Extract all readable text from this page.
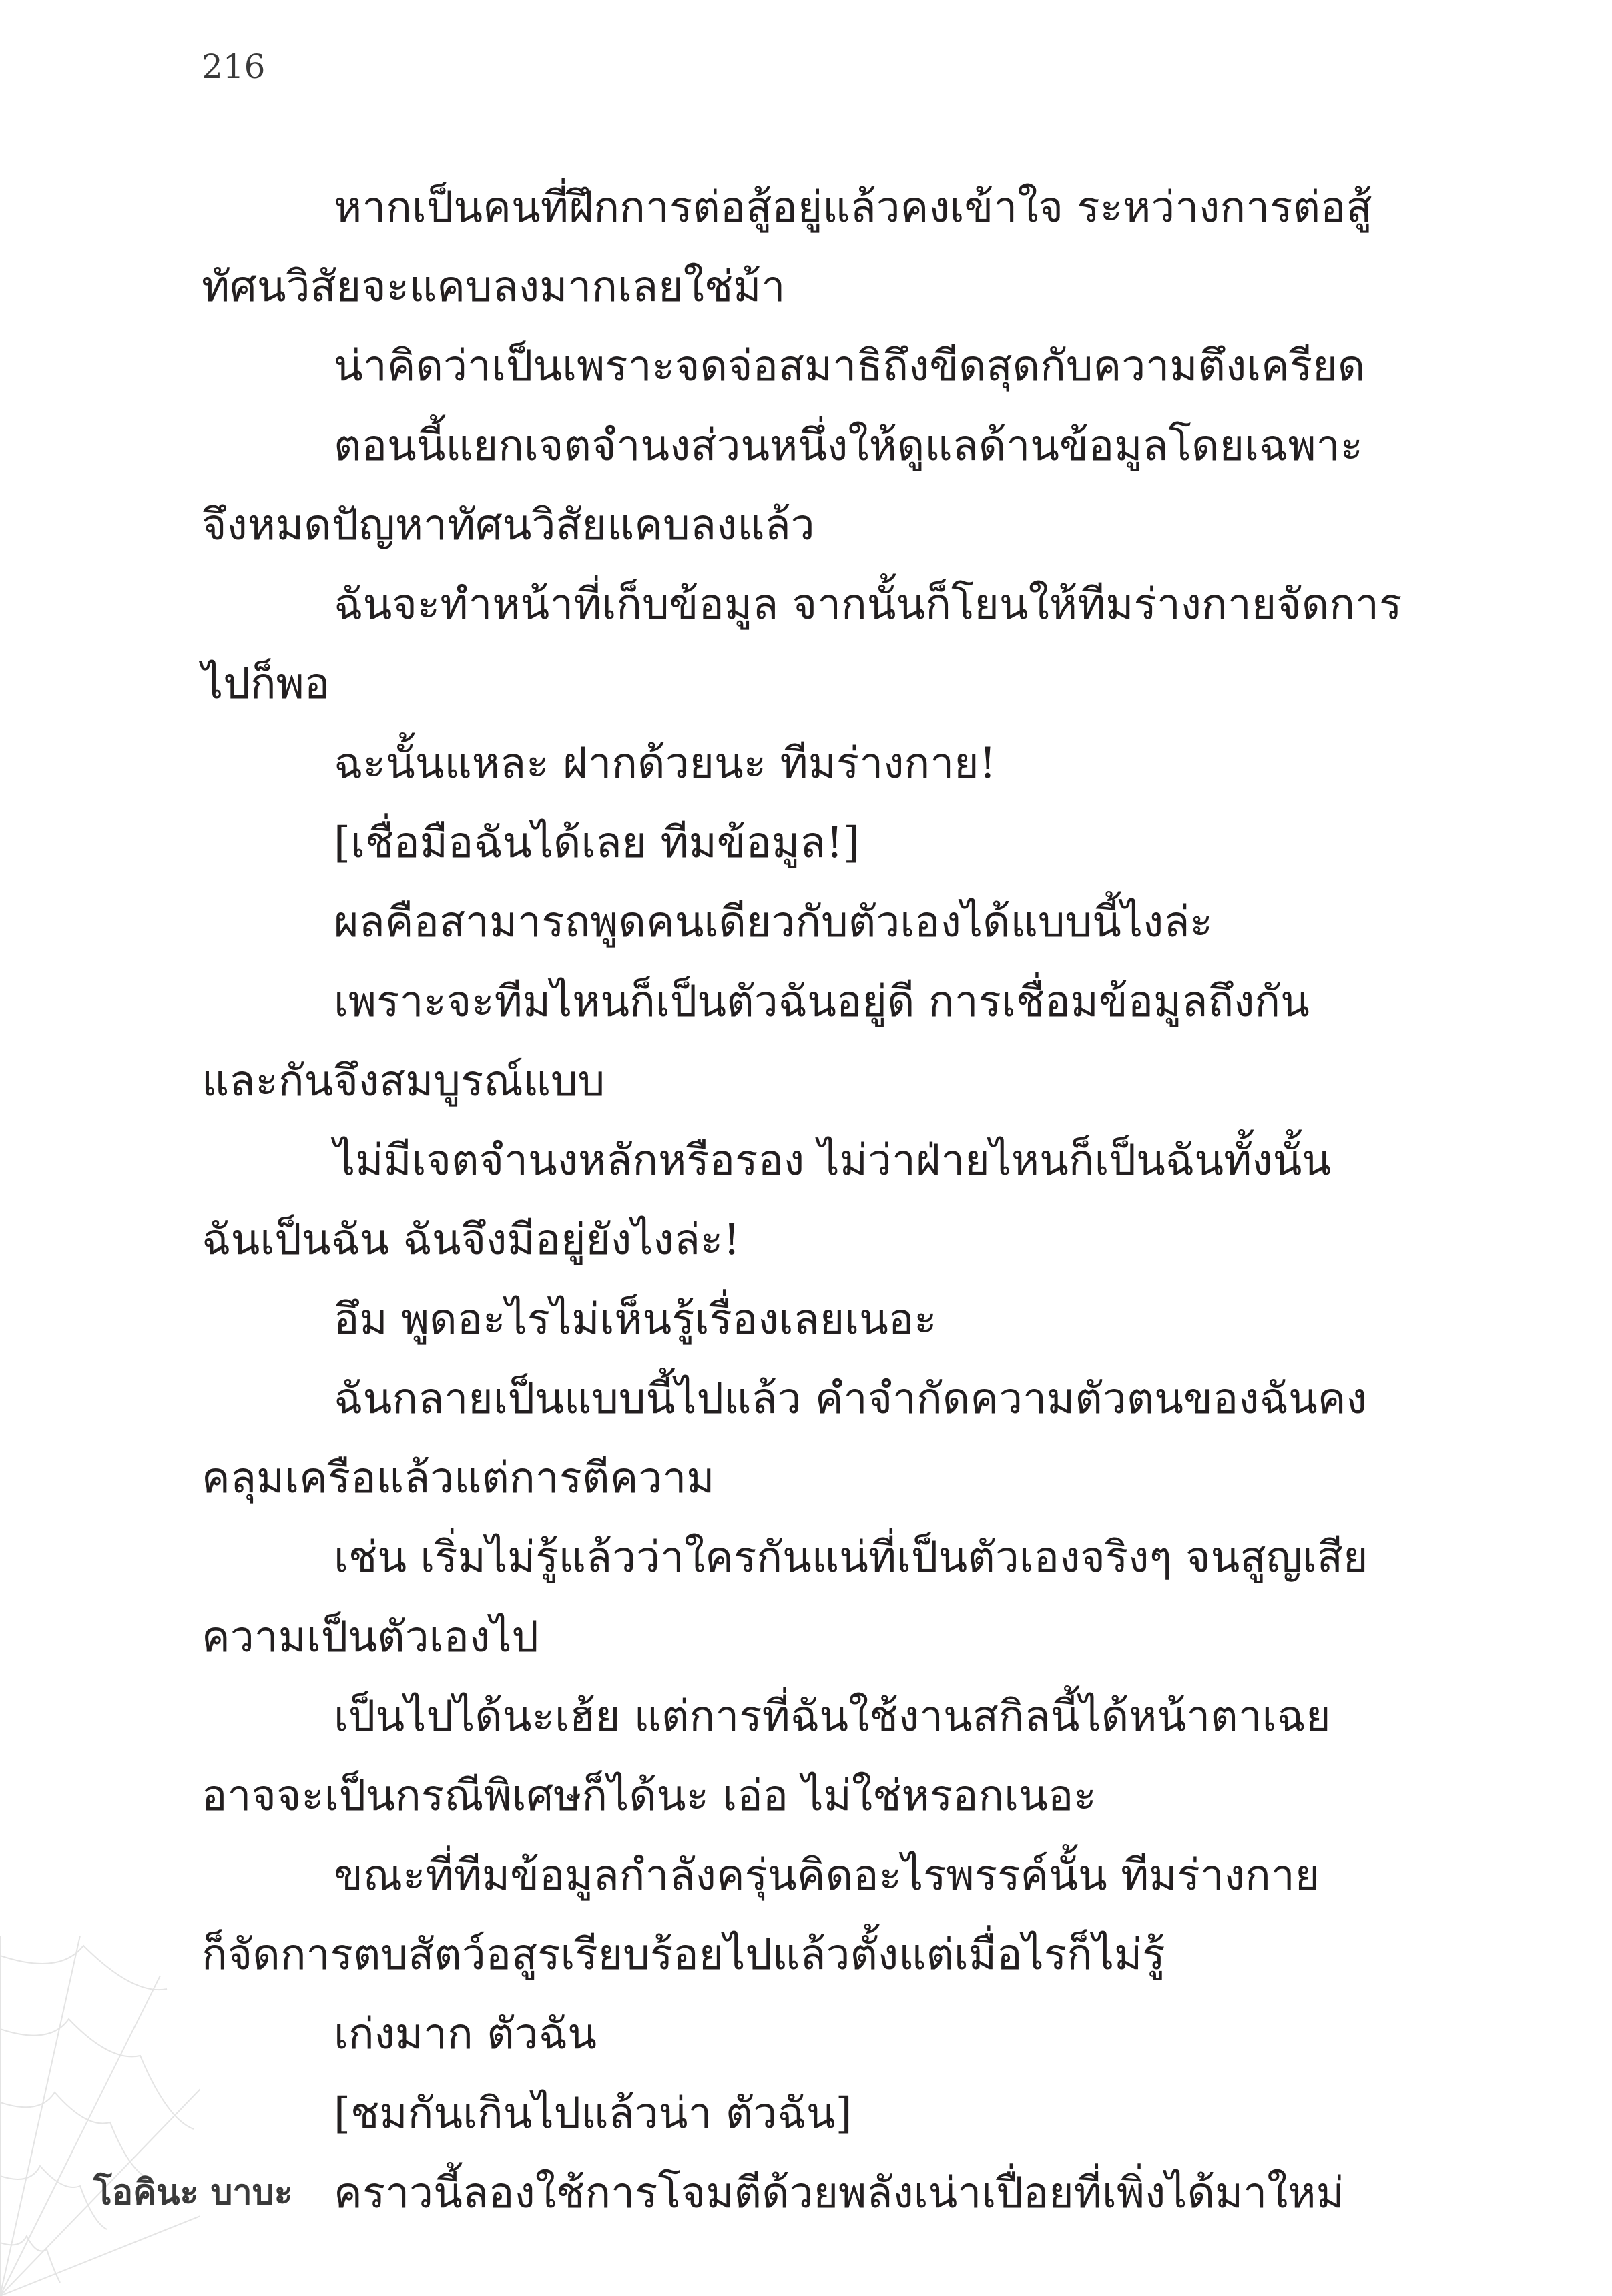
216
หากเป็นคนที่ฝึกการต่อสู้อยู่แล้วคงเข้าใจ ระหว่างการต่อสู้
ทัศนวิสัยจะแคบลงมากเลยใช่ม้า
น่าคิดว่าเป็นเพราะจดจ่อสมาธิถึงขีดสุดกับความตึงเครียด
ตอนนี้แยกเจตจำนงส่วนหนึ่งให้ดูแลด้านข้อมูลโดยเฉพาะ
จึงหมดปัญหาทัศนวิสัยแคบลงแล้ว
ฉันจะทำหน้าที่เก็บข้อมูล จากนั้นก็โยนให้ทีมร่างกายจัดการ
ไปก็พอ
ฉะนั้นแหละ ฝากด้วยนะ ทีมร่างกาย!
[เชื่อมือฉันได้เลย ทีมข้อมูล!]
ผลคือสามารถพูดคนเดียวกับตัวเองได้แบบนี้ไงล่ะ
เพราะจะทีมไหนก็เป็นตัวฉันอยู่ดี การเชื่อมข้อมูลถึงกัน
และกันจึงสมบูรณ์แบบ
ไม่มีเจตจำนงหลักหรือรอง ไม่ว่าฝ่ายไหนก็เป็นฉันทั้งนั้น
ฉันเป็นฉัน ฉันจึงมีอยู่ยังไงล่ะ!
อึม พูดอะไรไม่เห็นรู้เรื่องเลยเนอะ
ฉันกลายเป็นแบบนี้ไปแล้ว คำจำกัดความตัวตนของฉันคง
คลุมเครือแล้วแต่การตีความ
เช่น เริ่มไม่รู้แล้วว่าใครกันแน่ที่เป็นตัวเองจริงๆ จนสูญเสีย
ความเป็นตัวเองไป
เป็นไปได้นะเฮ้ย แต่การที่ฉันใช้งานสกิลนี้ได้หน้าตาเฉย
อาจจะเป็นกรณีพิเศษก็ได้นะ เอ่อ ไม่ใช่หรอกเนอะ
ขณะที่ทีมข้อมูลกำลังครุ่นคิดอะไรพรรค์นั้น ทีมร่างกาย
ก็จัดการตบสัตว์อสูรเรียบร้อยไปแล้วตั้งแต่เมื่อไรก็ไม่รู้
เก่งมาก ตัวฉัน
[ชมกันเกินไปแล้วน่า ตัวฉัน]
คราวนี้ลองใช้การโจมตีด้วยพลังเน่าเปื่อยที่เพิ่งได้มาใหม่
โอคินะ บาบะ
